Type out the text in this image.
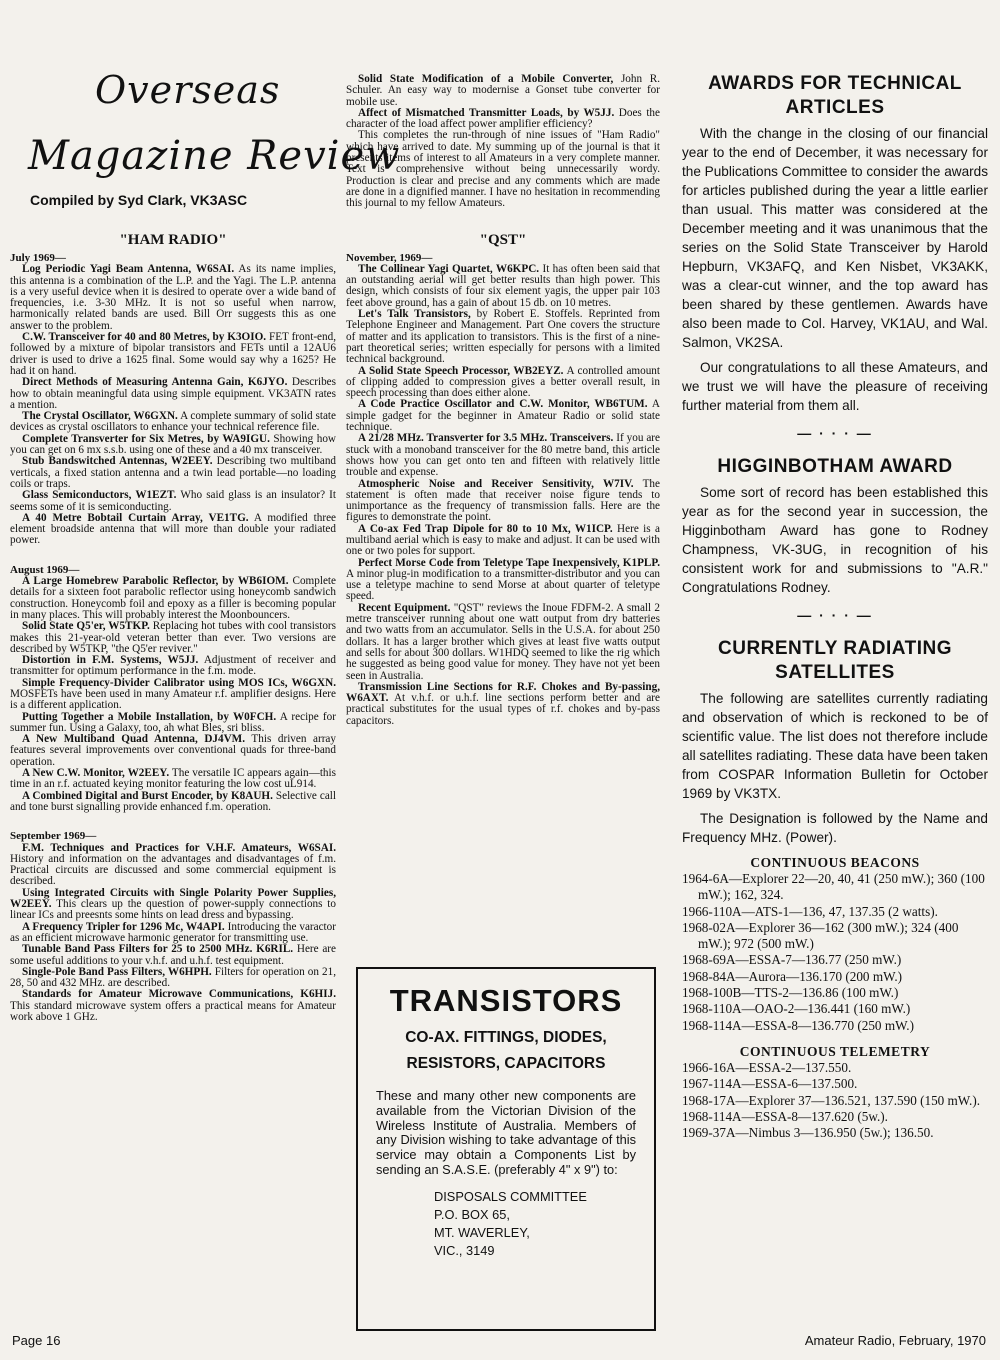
Overseas
Magazine Review
Compiled by Syd Clark, VK3ASC
"HAM RADIO"
July 1969—

Log Periodic Yagi Beam Antenna, W6SAI. As its name implies, this antenna is a combination of the L.P. and the Yagi. The L.P. antenna is a very useful device when it is desired to operate over a wide band of frequencies, i.e. 3-30 MHz. It is not so useful when narrow, harmonically related bands are used. Bill Orr suggests this as one answer to the problem.

C.W. Transceiver for 40 and 80 Metres, by K3OIO. FET front-end, followed by a mixture of bipolar transistors and FETs until a 12AU6 driver is used to drive a 1625 final. Some would say why a 1625? He had it on hand.

Direct Methods of Measuring Antenna Gain, K6JYO. Describes how to obtain meaningful data using simple equipment. VK3ATN rates a mention.

The Crystal Oscillator, W6GXN. A complete summary of solid state devices as crystal oscillators to enhance your technical reference file.

Complete Transverter for Six Metres, by WA9IGU. Showing how you can get on 6 mx s.s.b. using one of these and a 40 mx transceiver.

Stub Bandswitched Antennas, W2EEY. Describing two multiband verticals, a fixed station antenna and a twin lead portable—no loading coils or traps.

Glass Semiconductors, W1EZT. Who said glass is an insulator? It seems some of it is semiconducting.

A 40 Metre Bobtail Curtain Array, VE1TG. A modified three element broadside antenna that will more than double your radiated power.

August 1969—

A Large Homebrew Parabolic Reflector, by WB6IOM. Complete details for a sixteen foot parabolic reflector using honeycomb sandwich construction. Honeycomb foil and epoxy as a filler is becoming popular in many places. This will probably interest the Moonbouncers.

Solid State Q5'er, W5TKP. Replacing hot tubes with cool transistors makes this 21-year-old veteran better than ever. Two versions are described by W5TKP, "the Q5'er reviver."

Distortion in F.M. Systems, W5JJ. Adjustment of receiver and transmitter for optimum performance in the f.m. mode.

Simple Frequency-Divider Calibrator using MOS ICs, W6GXN. MOSFETs have been used in many Amateur r.f. amplifier designs. Here is a different application.

Putting Together a Mobile Installation, by W0FCH. A recipe for summer fun. Using a Galaxy, too, ah what Bles, sri bliss.

A New Multiband Quad Antenna, DJ4VM. This driven array features several improvements over conventional quads for three-band operation.

A New C.W. Monitor, W2EEY. The versatile IC appears again—this time in an r.f. actuated keying monitor featuring the low cost uL914.

A Combined Digital and Burst Encoder, by K8AUH. Selective call and tone burst signalling provide enhanced f.m. operation.

September 1969—

F.M. Techniques and Practices for V.H.F. Amateurs, W6SAI. History and information on the advantages and disadvantages of f.m. Practical circuits are discussed and some commercial equipment is described.

Using Integrated Circuits with Single Polarity Power Supplies, W2EEY. This clears up the question of power-supply connections to linear ICs and preesnts some hints on lead dress and bypassing.

A Frequency Tripler for 1296 Mc, W4API. Introducing the varactor as an efficient microwave harmonic generator for transmitting use.

Tunable Band Pass Filters for 25 to 2500 MHz. K6RIL. Here are some useful additions to your v.h.f. and u.h.f. test equipment.

Single-Pole Band Pass Filters, W6HPH. Filters for operation on 21, 28, 50 and 432 MHz. are described.

Standards for Amateur Microwave Communications, K6HIJ. This standard microwave system offers a practical means for Amateur work above 1 GHz.

Solid State Modification of a Mobile Converter, John R. Schuler. An easy way to modernise a Gonset tube converter for mobile use.

Affect of Mismatched Transmitter Loads, by W5JJ. Does the character of the load affect power amplifier efficiency?

This completes the run-through of nine issues of "Ham Radio" which have arrived to date. My summing up of the journal is that it presents items of interest to all Amateurs in a very complete manner. Text is comprehensive without being unnecessarily wordy. Production is clear and precise and any comments which are made are done in a dignified manner. I have no hesitation in recommending this journal to my fellow Amateurs.

"QST"
November, 1969—

The Collinear Yagi Quartet, W6KPC. It has often been said that an outstanding aerial will get better results than high power. This design, which consists of four six element yagis, the upper pair 103 feet above ground, has a gain of about 15 db. on 10 metres.

Let's Talk Transistors, by Robert E. Stoffels. Reprinted from Telephone Engineer and Management. Part One covers the structure of matter and its application to transistors. This is the first of a nine-part theoretical series; written especially for persons with a limited technical background.

A Solid State Speech Processor, WB2EYZ. A controlled amount of clipping added to compression gives a better overall result, in speech processing than does either alone.

A Code Practice Oscillator and C.W. Monitor, WB6TUM. A simple gadget for the beginner in Amateur Radio or solid state technique.

A 21/28 MHz. Transverter for 3.5 MHz. Transceivers. If you are stuck with a monoband transceiver for the 80 metre band, this article shows how you can get onto ten and fifteen with relatively little trouble and expense.

Atmospheric Noise and Receiver Sensitivity, W7IV. The statement is often made that receiver noise figure tends to unimportance as the frequency of transmission falls. Here are the figures to demonstrate the point.

A Co-ax Fed Trap Dipole for 80 to 10 Mx, W1ICP. Here is a multiband aerial which is easy to make and adjust. It can be used with one or two poles for support.

Perfect Morse Code from Teletype Tape Inexpensively, K1PLP. A minor plug-in modification to a transmitter-distributor and you can use a teletype machine to send Morse at about quarter of teletype speed.

Recent Equipment. "QST" reviews the Inoue FDFM-2. A small 2 metre transceiver running about one watt output from dry batteries and two watts from an accumulator. Sells in the U.S.A. for about 250 dollars. It has a larger brother which gives at least five watts output and sells for about 300 dollars. W1HDQ seemed to like the rig which he suggested as being good value for money. They have not yet been seen in Australia.

Transmission Line Sections for R.F. Chokes and By-passing, W6AXT. At v.h.f. or u.h.f. line sections perform better and are practical substitutes for the usual types of r.f. chokes and by-pass capacitors.

TRANSISTORS
CO-AX. FITTINGS, DIODES,
RESISTORS, CAPACITORS
These and many other new components are available from the Victorian Division of the Wireless Institute of Australia. Members of any Division wishing to take advantage of this service may obtain a Components List by sending an S.A.S.E. (preferably 4" x 9") to:
DISPOSALS COMMITTEE
P.O. BOX 65,
MT. WAVERLEY,
VIC., 3149
AWARDS FOR TECHNICAL
ARTICLES

With the change in the closing of our financial year to the end of December, it was necessary for the Publications Committee to consider the awards for articles published during the year a little earlier than usual. This matter was considered at the December meeting and it was unanimous that the series on the Solid State Transceiver by Harold Hepburn, VK3AFQ, and Ken Nisbet, VK3AKK, was a clear-cut winner, and the top award has been shared by these gentlemen. Awards have also been made to Col. Harvey, VK1AU, and Wal. Salmon, VK2SA.

Our congratulations to all these Amateurs, and we trust we will have the pleasure of receiving further material from them all.

— · · · —
HIGGINBOTHAM AWARD

Some sort of record has been established this year as for the second year in succession, the Higginbotham Award has gone to Rodney Champness, VK-3UG, in recognition of his consistent work for and submissions to "A.R." Congratulations Rodney.

— · · · —
CURRENTLY RADIATING
SATELLITES

The following are satellites currently radiating and observation of which is reckoned to be of scientific value. The list does not therefore include all satellites radiating. These data have been taken from COSPAR Information Bulletin for October 1969 by VK3TX.

The Designation is followed by the Name and Frequency MHz. (Power).

CONTINUOUS BEACONS
1964-6A—Explorer 22—20, 40, 41 (250 mW.); 360 (100 mW.); 162, 324.
1966-110A—ATS-1—136, 47, 137.35 (2 watts).
1968-02A—Explorer 36—162 (300 mW.); 324 (400 mW.); 972 (500 mW.)
1968-69A—ESSA-7—136.77 (250 mW.)
1968-84A—Aurora—136.170 (200 mW.)
1968-100B—TTS-2—136.86 (100 mW.)
1968-110A—OAO-2—136.441 (160 mW.)
1968-114A—ESSA-8—136.770 (250 mW.)
CONTINUOUS TELEMETRY
1966-16A—ESSA-2—137.550.
1967-114A—ESSA-6—137.500.
1968-17A—Explorer 37—136.521, 137.590 (150 mW.).
1968-114A—ESSA-8—137.620 (5w.).
1969-37A—Nimbus 3—136.950 (5w.); 136.50.
Page 16	Amateur Radio, February, 1970
